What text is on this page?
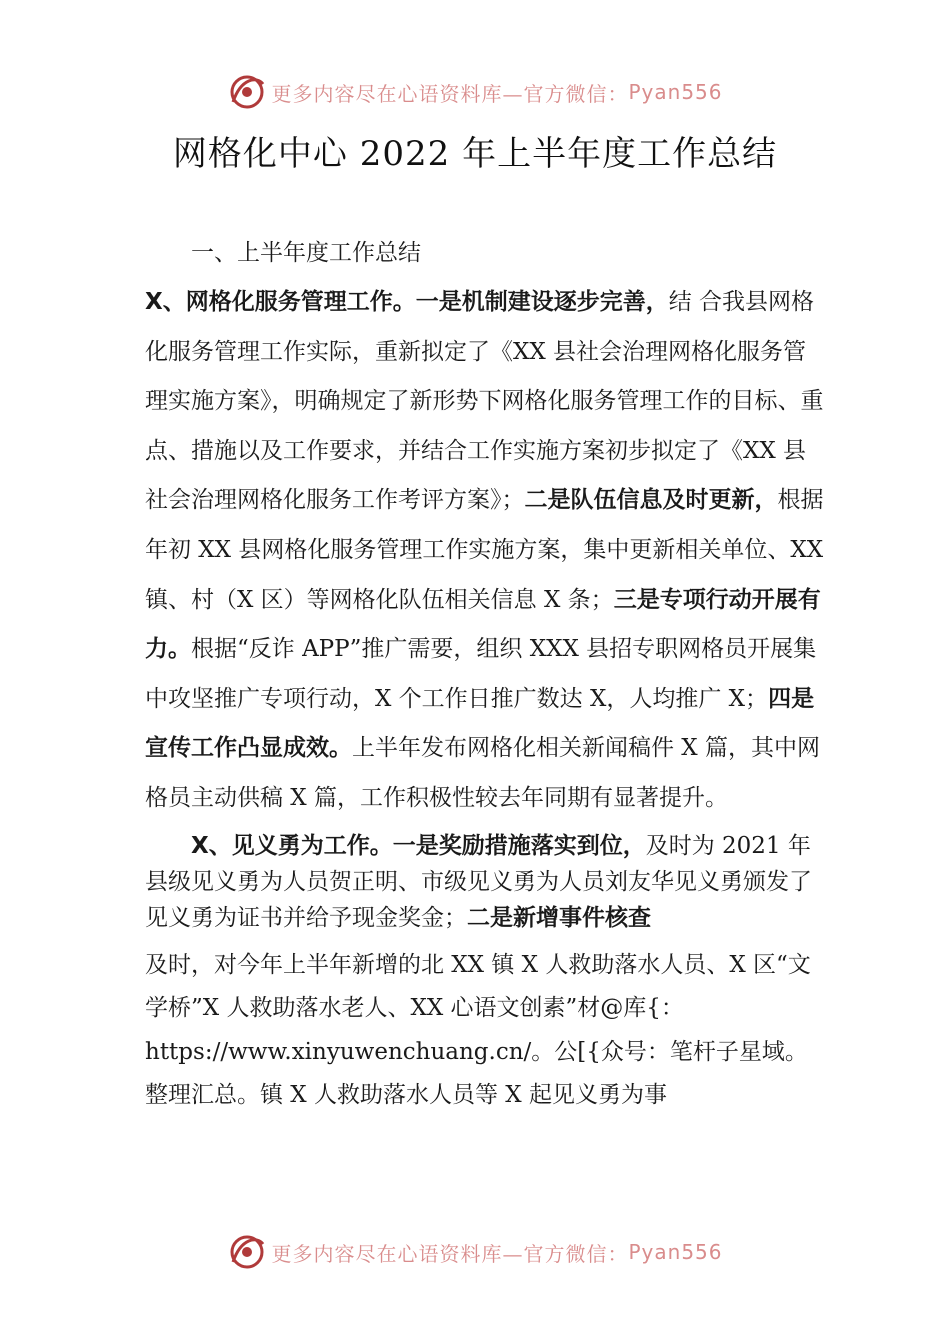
更多内容尽在心语资料库—官方微信： Pyan556
网格化中心 2022 年上半年度工作总结

一、上半年度工作总结

X、网格化服务管理工作。一是机制建设逐步完善，结 合我县网格化服务管理工作实际，重新拟定了《XX 县社会治理网格化服务管理实施方案》，明确规定了新形势下网格化服务管理工作的目标、重点、措施以及工作要求，并结合工作实施方案初步拟定了《XX 县社会治理网格化服务工作考评方案》；二是队伍信息及时更新，根据年初 XX 县网格化服务管理工作实施方案，集中更新相关单位、XX 镇、村（X 区）等网格化队伍相关信息 X 条；三是专项行动开展有力。根据“反诈 APP”推广需要，组织 XXX 县招专职网格员开展集中攻坚推广专项行动，X 个工作日推广数达 X，人均推广 X；四是宣传工作凸显成效。上半年发布网格化相关新闻稿件 X 篇，其中网格员主动供稿 X 篇，工作积极性较去年同期有显著提升。

X、见义勇为工作。一是奖励措施落实到位，及时为 2021 年县级见义勇为人员贺正明、市级见义勇为人员刘友华见义勇颁发了见义勇为证书并给予现金奖金；二是新增事件核查

及时，对今年上半年新增的北 XX 镇 X 人救助落水人员、X 区“文学桥”X 人救助落水老人、XX 心语文创素”材@库{：https://www.xinyuwenchuang.cn/。公[{众号：笔杆子星域。整理汇总。镇 X 人救助落水人员等 X 起见义勇为事

更多内容尽在心语资料库—官方微信： Pyan556
